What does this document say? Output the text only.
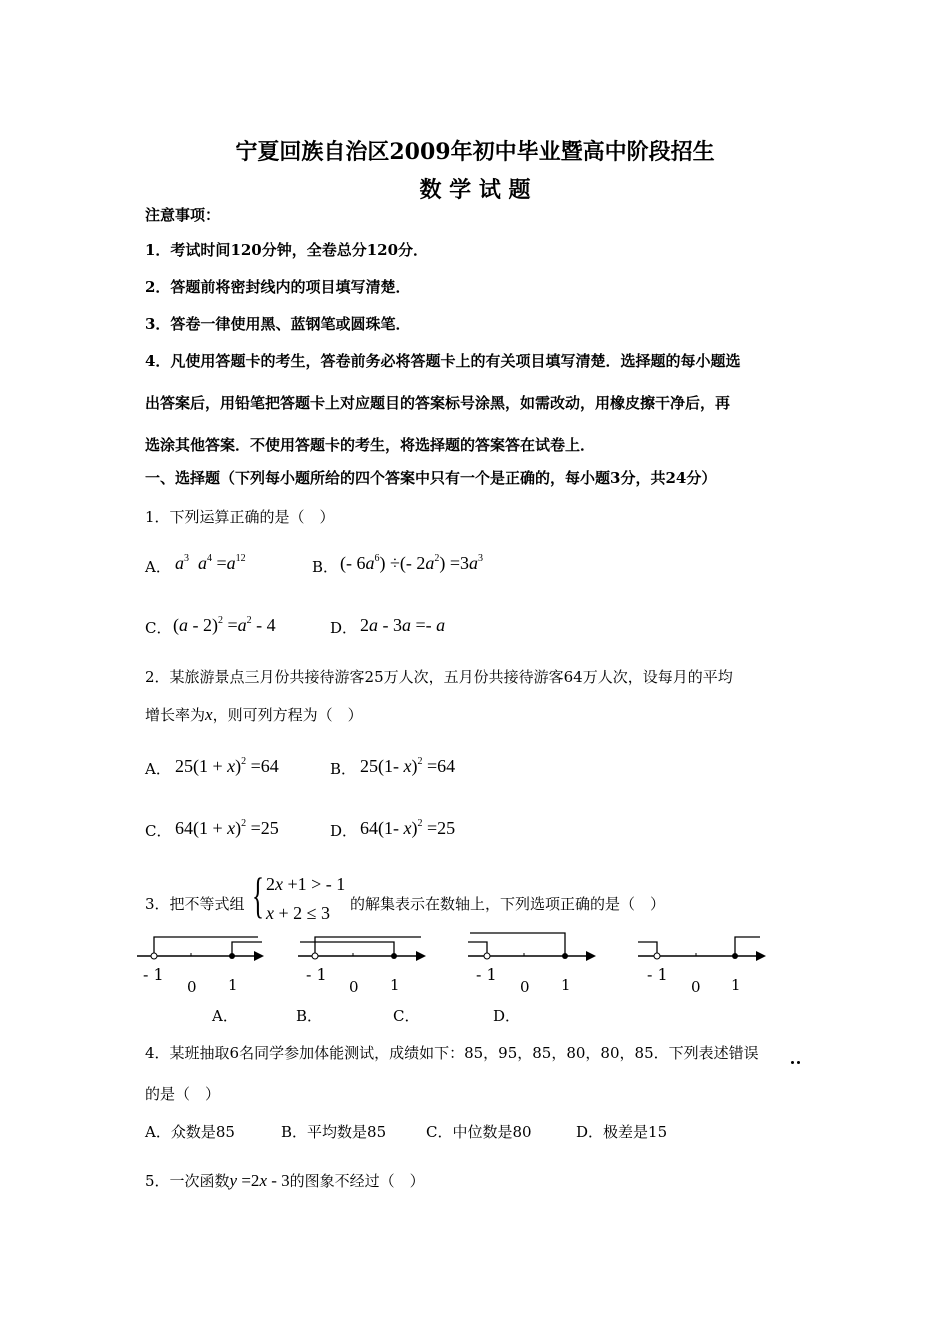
宁夏回族自治区2009年初中毕业暨高中阶段招生
数 学 试 题
注意事项：
1．考试时间120分钟，全卷总分120分．
2．答题前将密封线内的项目填写清楚．
3．答卷一律使用黑、蓝钢笔或圆珠笔．
4．凡使用答题卡的考生，答卷前务必将答题卡上的有关项目填写清楚．选择题的每小题选
出答案后，用铅笔把答题卡上对应题目的答案标号涂黑，如需改动，用橡皮擦干净后，再
选涂其他答案．不使用答题卡的考生，将选择题的答案答在试卷上．
一、选择题（下列每小题所给的四个答案中只有一个是正确的，每小题3分，共24分）
1．下列运算正确的是（　）
A． $a^3$ $a^4 =a^{12}$	B． (- $6a^6$) ÷(- $2a^2) =3a^3$
C． $(a - 2)^2 =a^2 - 4$	D． 2a - 3a =- a
2．某旅游景点三月份共接待游客25万人次，五月份共接待游客64万人次，设每月的平均
增长率为x，则可列方程为（　）
A． $25(1 + x)^2 =64$	B． 25(1- x)$^2$ =64
C． $64(1 + x)^2 =25$	D． 64(1- x)$^2$ =25
3．把不等式组 { 2x +1 > - 1
x + 2 ≤ 3 的解集表示在数轴上，下列选项正确的是（　）
- 1
0 1
- 1
0 1
- 1
0 1
- 1
0 1
A．	B．	C．	D．
4．某班抽取6名同学参加体能测试，成绩如下：85，95，85，80，80，85．下列表述错误
的是（　）
A．众数是85	B．平均数是85	C．中位数是80	D．极差是15
5．一次函数y =2x - 3的图象不经过（　）
